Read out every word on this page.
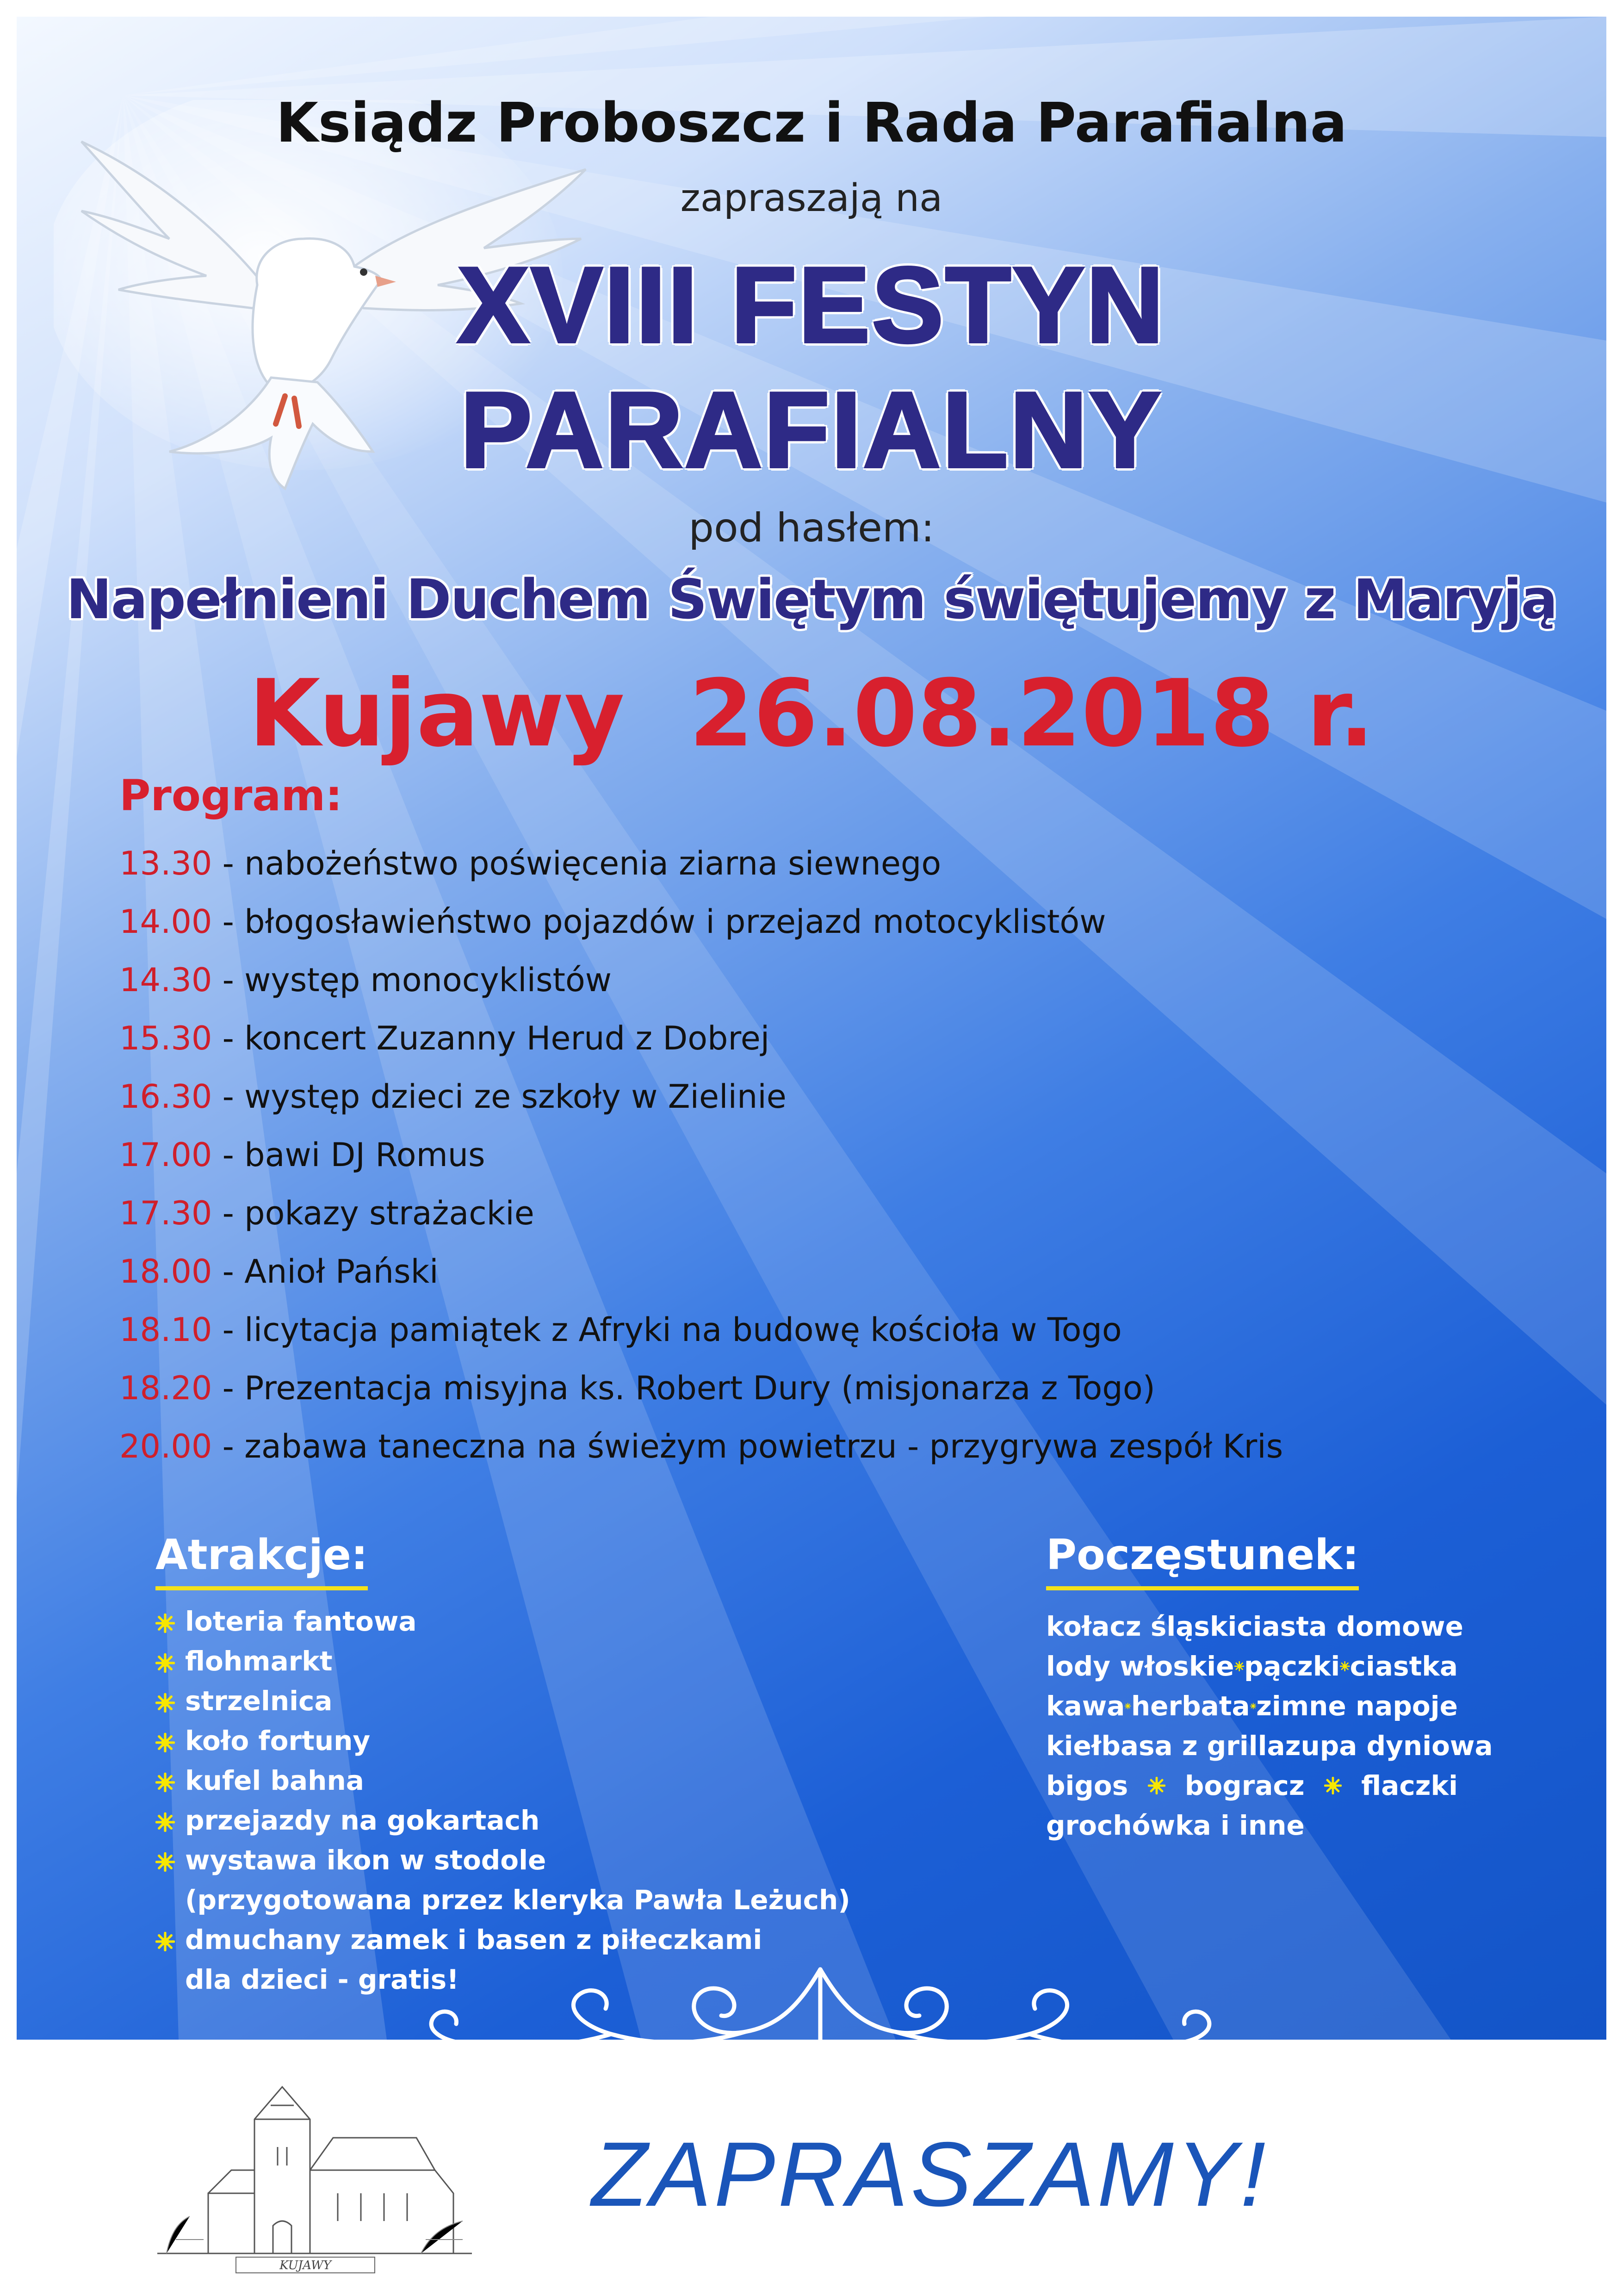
Ksiądz Proboszcz i Rada Parafialna
zapraszają na
XVIII FESTYN
PARAFIALNY
pod hasłem:
Napełnieni Duchem Świętym świętujemy z Maryją
Kujawy  26.08.2018 r.
Program:
13.30 - nabożeństwo poświęcenia ziarna siewnego
14.00 - błogosławieństwo pojazdów i przejazd motocyklistów
14.30 - występ monocyklistów
15.30 - koncert Zuzanny Herud z Dobrej
16.30 - występ dzieci ze szkoły w Zielinie
17.00 - bawi DJ Romus
17.30 - pokazy strażackie
18.00 - Anioł Pański
18.10 - licytacja pamiątek z Afryki na budowę kościoła w Togo
18.20 - Prezentacja misyjna ks. Robert Dury (misjonarza z Togo)
20.00 - zabawa taneczna na świeżym powietrzu - przygrywa zespół Kris
Atrakcje:
loteria fantowa
flohmarkt
strzelnica
koło fortuny
kufel bahna
przejazdy na gokartach
wystawa ikon w stodole
(przygotowana przez kleryka Pawła Leżuch)
dmuchany zamek i basen z piłeczkami
dla dzieci - gratis!
Poczęstunek:
kołacz śląski ciasta domowe
lody włoskie pączki ciastka
kawa herbata zimne napoje
kiełbasa z grilla zupa dyniowa
bigos bogracz flaczki
grochówka i inne
KUJAWY
ZAPRASZAMY!
